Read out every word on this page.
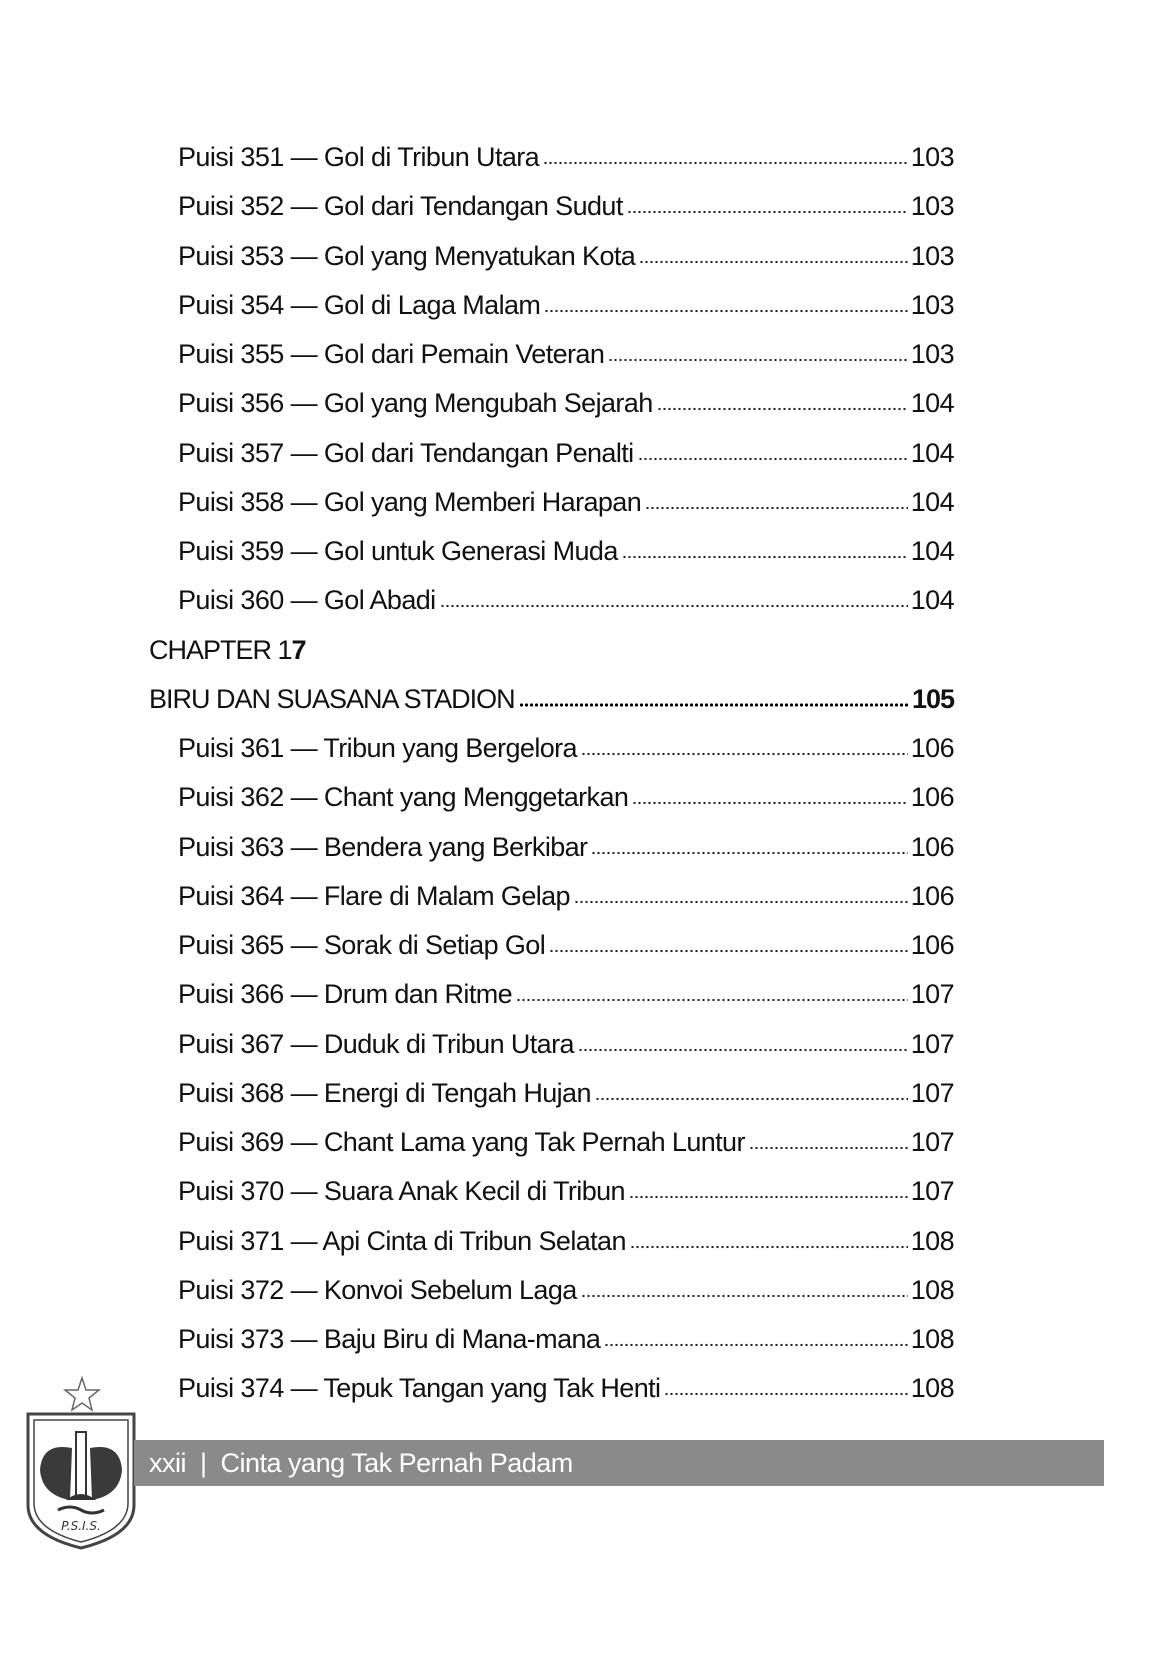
Puisi 351 — Gol di Tribun Utara	103
Puisi 352 — Gol dari Tendangan Sudut	103
Puisi 353 — Gol yang Menyatukan Kota	103
Puisi 354 — Gol di Laga Malam	103
Puisi 355 — Gol dari Pemain Veteran	103
Puisi 356 — Gol yang Mengubah Sejarah	104
Puisi 357 — Gol dari Tendangan Penalti	104
Puisi 358 — Gol yang Memberi Harapan	104
Puisi 359 — Gol untuk Generasi Muda	104
Puisi 360 — Gol Abadi	104
CHAPTER 1 7
BIRU DAN SUASANA STADION	105
Puisi 361 — Tribun yang Bergelora	106
Puisi 362 — Chant yang Menggetarkan	106
Puisi 363 — Bendera yang Berkibar	106
Puisi 364 — Flare di Malam Gelap	106
Puisi 365 — Sorak di Setiap Gol	106
Puisi 366 — Drum dan Ritme	107
Puisi 367 — Duduk di Tribun Utara	107
Puisi 368 — Energi di Tengah Hujan	107
Puisi 369 — Chant Lama yang Tak Pernah Luntur	107
Puisi 370 — Suara Anak Kecil di Tribun	107
Puisi 371 — Api Cinta di Tribun Selatan	108
Puisi 372 — Konvoi Sebelum Laga	108
Puisi 373 — Baju Biru di Mana-mana	108
Puisi 374 — Tepuk Tangan yang Tak Henti	108
P.S.I.S.
xxii | Cinta yang Tak Pernah Padam
